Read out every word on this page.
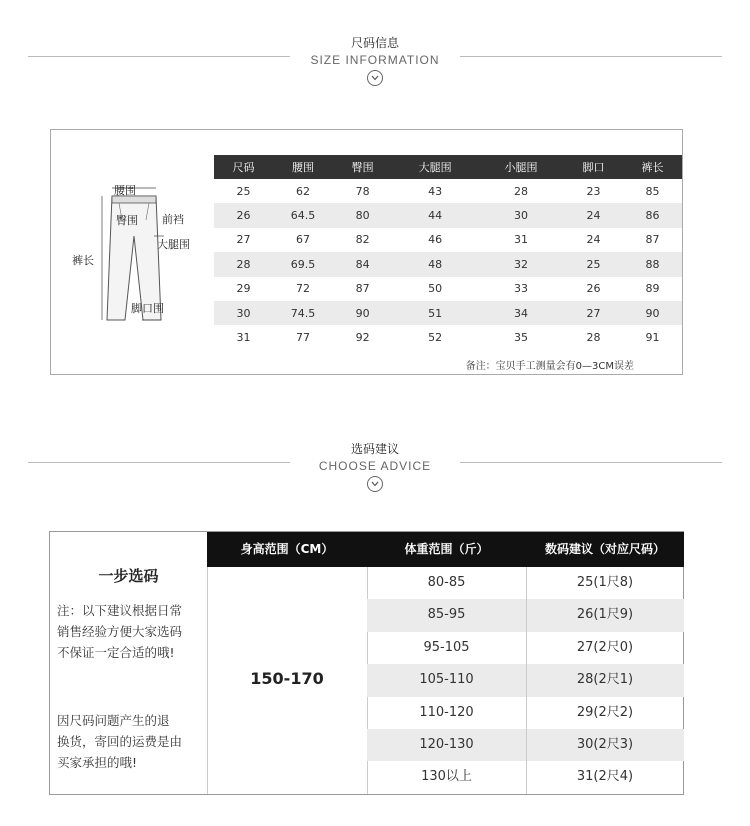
尺码信息
SIZE INFORMATION
腰围
臀围 前裆
大腿围
裤长
脚口围
尺码	腰围	臀围	大腿围	小腿围	脚口	裤长
25	62	78	43	28	23	85
26	64.5	80	44	30	24	86
27	67	82	46	31	24	87
28	69.5	84	48	32	25	88
29	72	87	50	33	26	89
30	74.5	90	51	34	27	90
31	77	92	52	35	28	91
备注：宝贝手工测量会有0—3CM误差
选码建议
CHOOSE ADVICE
一步选码
注：以下建议根据日常
销售经验方便大家选码
不保证一定合适的哦!
因尺码问题产生的退
换货，寄回的运费是由
买家承担的哦!
身高范围（CM）	体重范围（斤）	数码建议（对应尺码）
150-170
80-85	25(1尺8)
85-95	26(1尺9)
95-105	27(2尺0)
105-110	28(2尺1)
110-120	29(2尺2)
120-130	30(2尺3)
130以上	31(2尺4)
